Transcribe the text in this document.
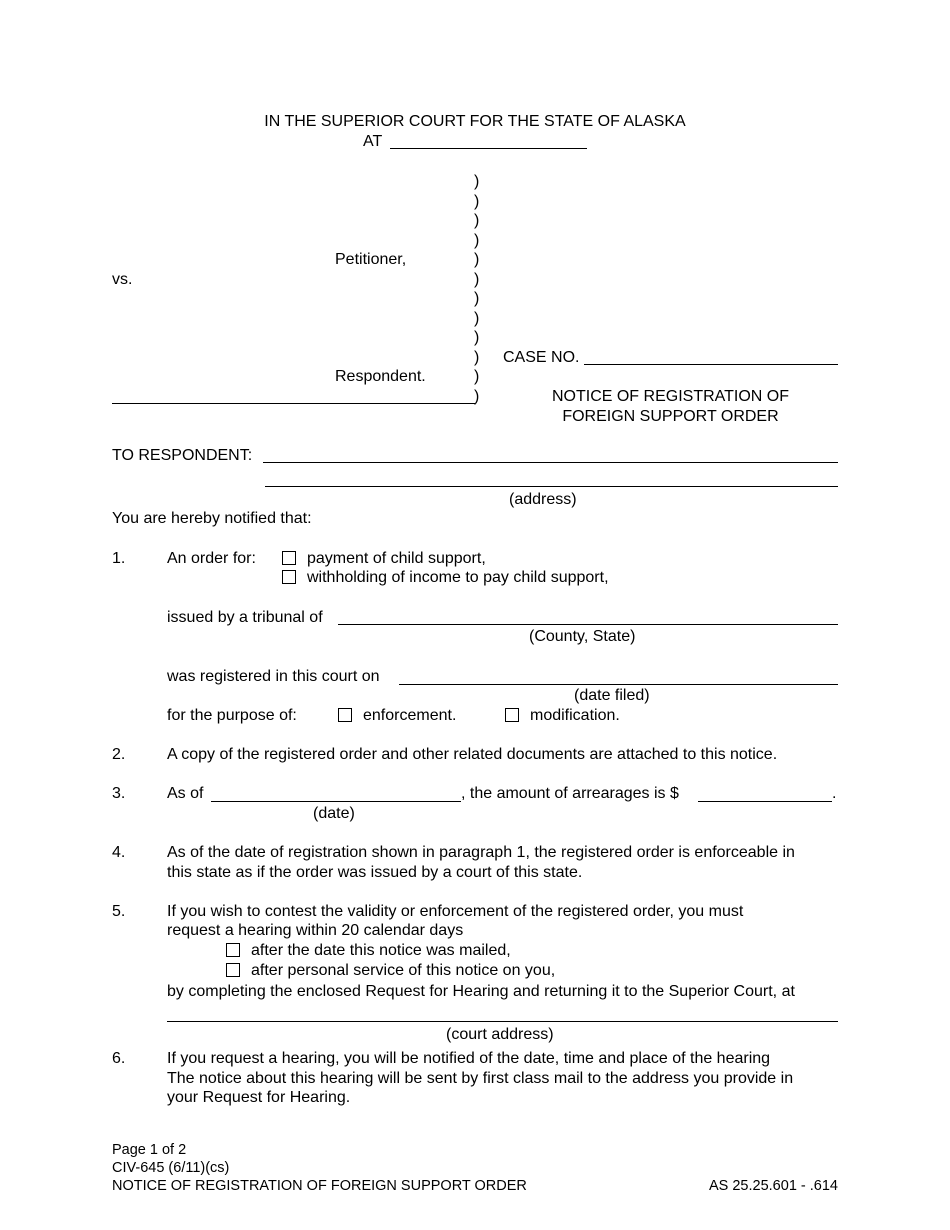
IN THE SUPERIOR COURT FOR THE STATE OF ALASKA
AT
)
)
)
)
)
)
)
)
)
)
)
)
Petitioner,
vs.
Respondent.
CASE NO.
NOTICE OF REGISTRATION OF
FOREIGN SUPPORT ORDER
TO RESPONDENT:
(address)
You are hereby notified that:
1.	An order for:	payment of child support,
withholding of income to pay child support,
issued by a tribunal of
(County, State)
was registered in this court on
(date filed)
for the purpose of:	enforcement.	modification.
2.	A copy of the registered order and other related documents are attached to this notice.
3.	As of	, the amount of arrearages is $	.
(date)
4.	As of the date of registration shown in paragraph 1, the registered order is enforceable in
this state as if the order was issued by a court of this state.
5.	If you wish to contest the validity or enforcement of the registered order, you must
request a hearing within 20 calendar days
after the date this notice was mailed,
after personal service of this notice on you,
by completing the enclosed Request for Hearing and returning it to the Superior Court, at
(court address)
6.	If you request a hearing, you will be notified of the date, time and place of the hearing
The notice about this hearing will be sent by first class mail to the address you provide in
your Request for Hearing.
Page 1 of 2
CIV-645 (6/11)(cs)
NOTICE OF REGISTRATION OF FOREIGN SUPPORT ORDER	AS 25.25.601 - .614
